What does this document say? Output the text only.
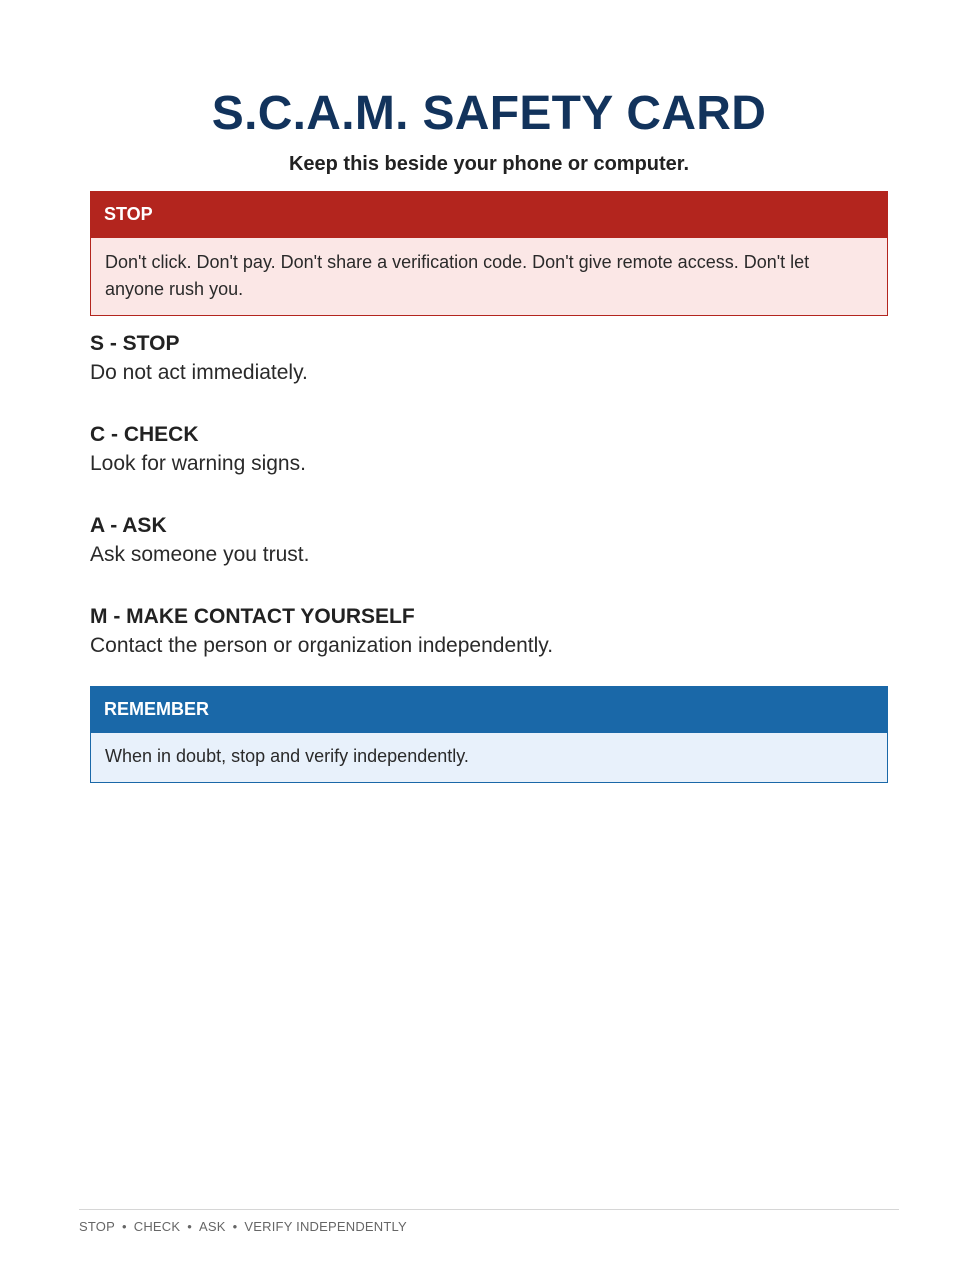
S.C.A.M. SAFETY CARD
Keep this beside your phone or computer.
STOP
Don't click. Don't pay. Don't share a verification code. Don't give remote access. Don't let anyone rush you.
S - STOP
Do not act immediately.
C - CHECK
Look for warning signs.
A - ASK
Ask someone you trust.
M - MAKE CONTACT YOURSELF
Contact the person or organization independently.
REMEMBER
When in doubt, stop and verify independently.
STOP • CHECK • ASK • VERIFY INDEPENDENTLY
